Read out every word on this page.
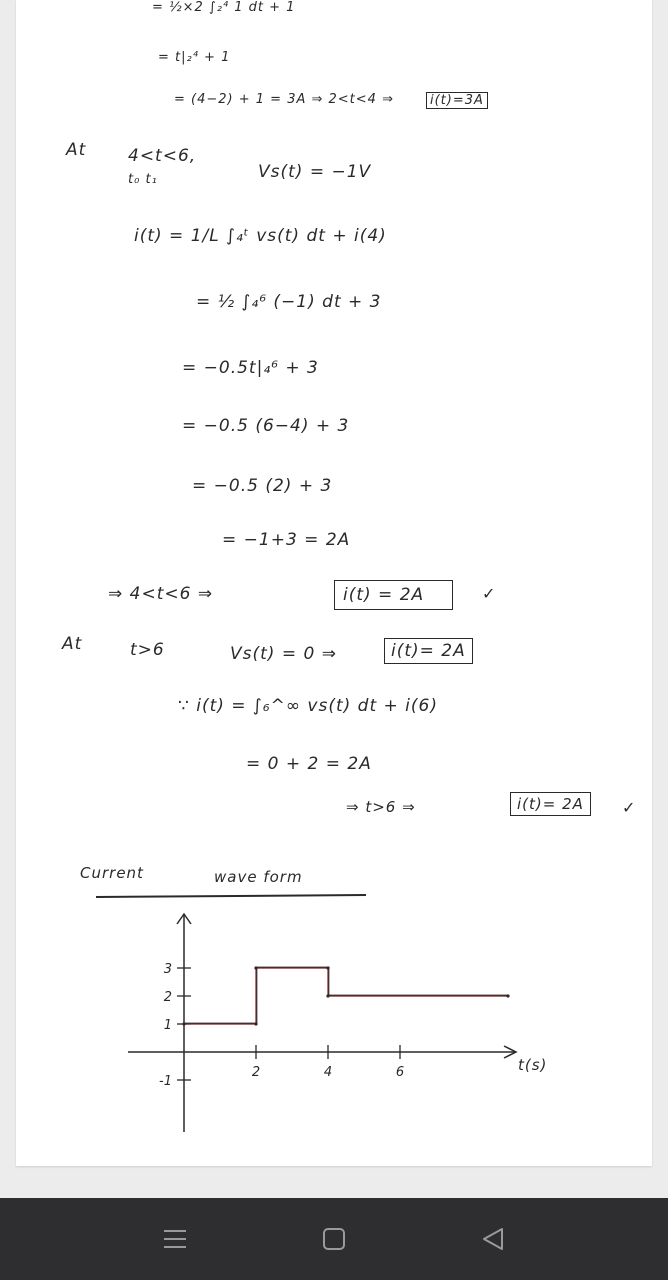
= ½×2 ∫₂⁴ 1 dt + 1
= t|₂⁴ + 1
= (4−2) + 1 = 3A ⇒ 2<t<4 ⇒	i(t)=3A
At 4<t<6,
t₀ t₁	Vs(t) = −1V
i(t) = 1/L ∫₄ᵗ vs(t) dt + i(4)
= ½ ∫₄⁶ (−1) dt + 3
= −0.5t|₄⁶ + 3
= −0.5 (6−4) + 3
= −0.5 (2) + 3
= −1+3 = 2A
⇒ 4<t<6 ⇒	i(t) = 2A	✓
At	t>6	Vs(t) = 0 ⇒	i(t)= 2A
∵ i(t) = ∫₆^∞ vs(t) dt + i(6)
= 0 + 2 = 2A
⇒ t>6 ⇒	i(t)= 2A	✓
Current	wave form
3
2
1
-1
2	4	6	t(s)
